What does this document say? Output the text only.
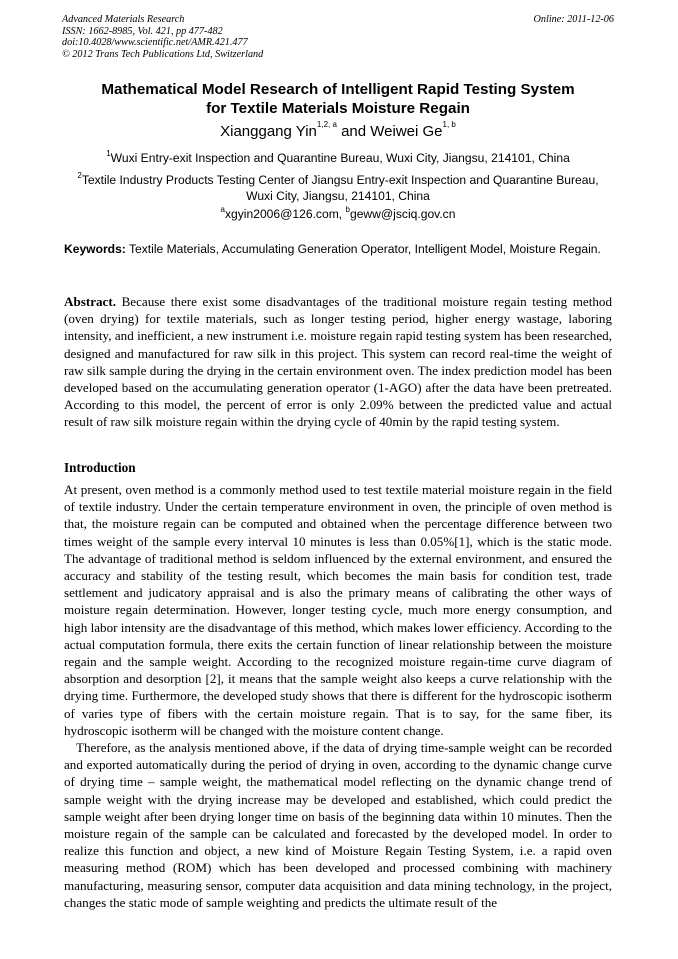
Advanced Materials Research
ISSN: 1662-8985, Vol. 421, pp 477-482
doi:10.4028/www.scientific.net/AMR.421.477
© 2012 Trans Tech Publications Ltd, Switzerland
Online: 2011-12-06
Mathematical Model Research of Intelligent Rapid Testing System
for Textile Materials Moisture Regain
Xianggang Yin$^{1,2, a}$ and Weiwei Ge$^{1, b}$
$^1$Wuxi Entry-exit Inspection and Quarantine Bureau, Wuxi City, Jiangsu, 214101, China
$^2$Textile Industry Products Testing Center of Jiangsu Entry-exit Inspection and Quarantine Bureau,
Wuxi City, Jiangsu, 214101, China
$^a$xgyin2006@126.com, $^b$geww@jsciq.gov.cn
Keywords: Textile Materials, Accumulating Generation Operator, Intelligent Model, Moisture Regain.
Abstract. Because there exist some disadvantages of the traditional moisture regain testing method (oven drying) for textile materials, such as longer testing period, higher energy wastage, laboring intensity, and inefficient, a new instrument i.e. moisture regain rapid testing system has been researched, designed and manufactured for raw silk in this project. This system can record real-time the weight of raw silk sample during the drying in the certain environment oven. The index prediction model has been developed based on the accumulating generation operator (1-AGO) after the data have been pretreated. According to this model, the percent of error is only 2.09% between the predicted value and actual result of raw silk moisture regain within the drying cycle of 40min by the rapid testing system.
Introduction

At present, oven method is a commonly method used to test textile material moisture regain in the field of textile industry. Under the certain temperature environment in oven, the principle of oven method is that, the moisture regain can be computed and obtained when the percentage difference between two times weight of the sample every interval 10 minutes is less than 0.05%[1], which is the static mode. The advantage of traditional method is seldom influenced by the external environment, and ensured the accuracy and stability of the testing result, which becomes the main basis for condition test, trade settlement and judicatory appraisal and is also the primary means of calibrating the other ways of moisture regain determination. However, longer testing cycle, much more energy consumption, and high labor intensity are the disadvantage of this method, which makes lower efficiency. According to the actual computation formula, there exits the certain function of linear relationship between the moisture regain and the sample weight. According to the recognized moisture regain-time curve diagram of absorption and desorption [2], it means that the sample weight also keeps a curve relationship with the drying time. Furthermore, the developed study shows that there is different for the hydroscopic isotherm of varies type of fibers with the certain moisture regain. That is to say, for the same fiber, its hydroscopic isotherm will be changed with the moisture content change.

Therefore, as the analysis mentioned above, if the data of drying time-sample weight can be recorded and exported automatically during the period of drying in oven, according to the dynamic change curve of drying time – sample weight, the mathematical model reflecting on the dynamic change trend of sample weight with the drying increase may be developed and established, which could predict the sample weight after been drying longer time on basis of the beginning data within 10 minutes. Then the moisture regain of the sample can be calculated and forecasted by the developed model. In order to realize this function and object, a new kind of Moisture Regain Testing System, i.e. a rapid oven measuring method (ROM) which has been developed and processed combining with machinery manufacturing, measuring sensor, computer data acquisition and data mining technology, in the project, changes the static mode of sample weighting and predicts the ultimate result of the
